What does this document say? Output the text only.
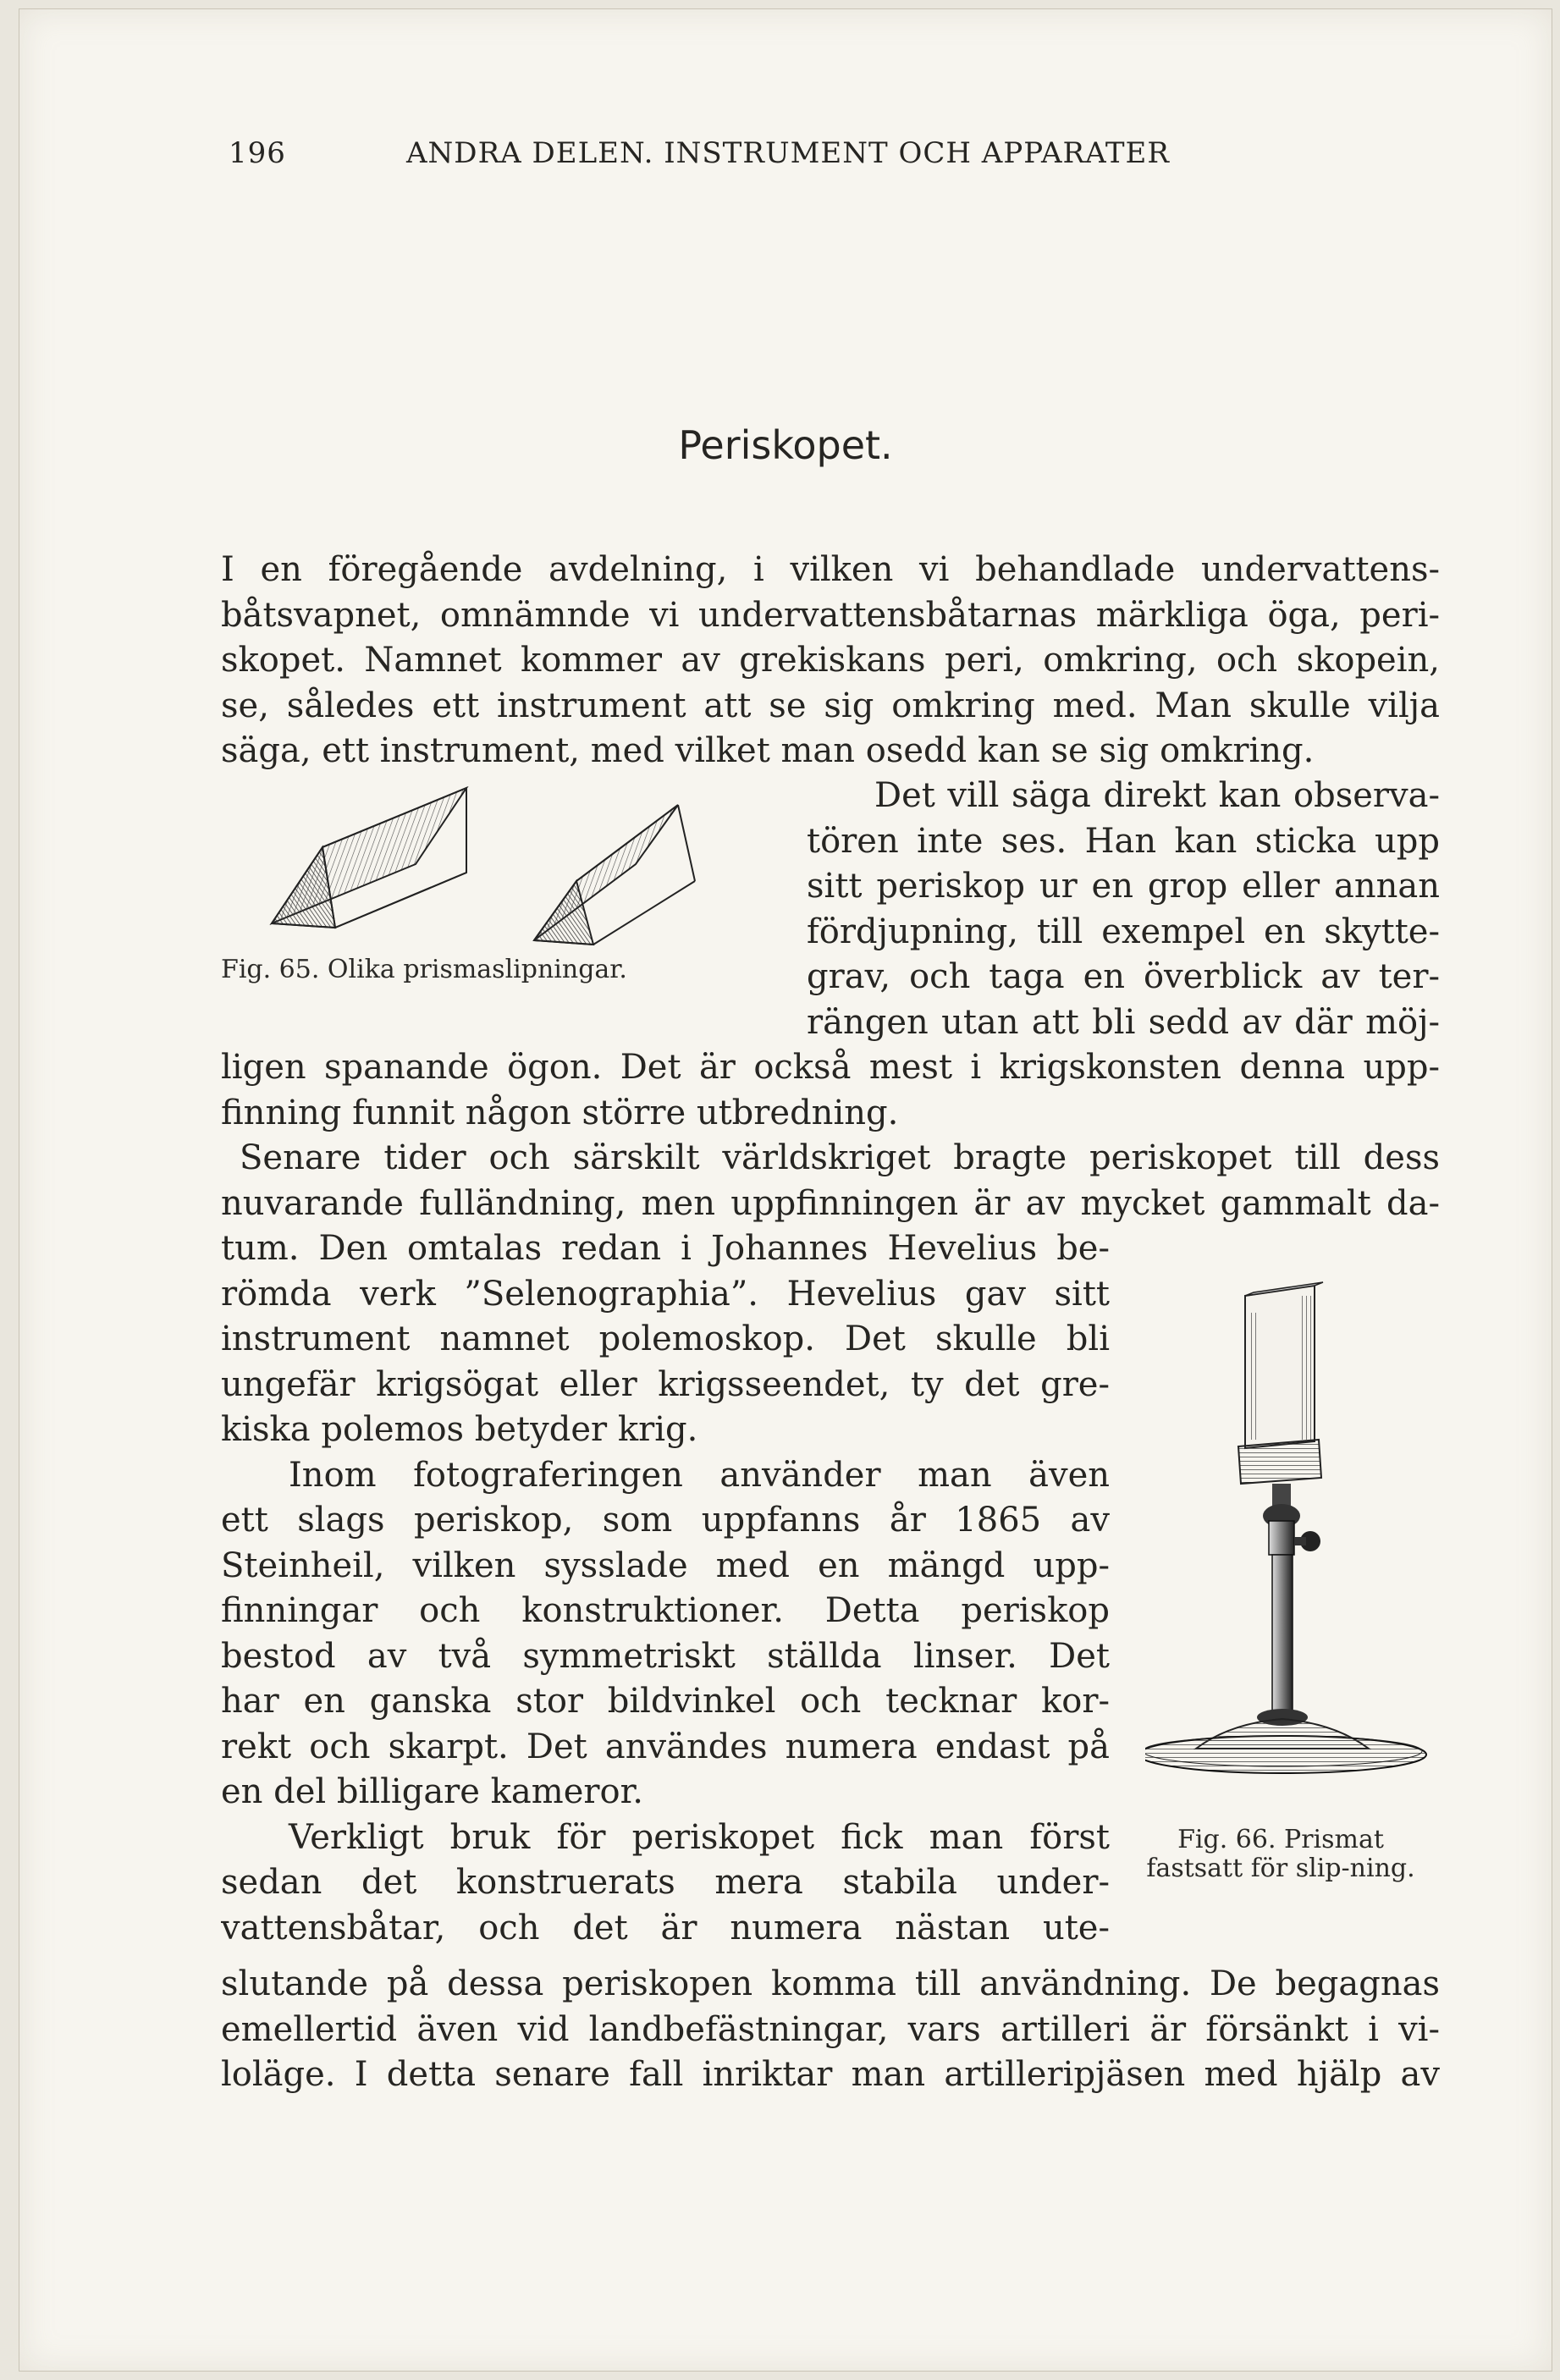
196	ANDRA DELEN. INSTRUMENT OCH APPARATER
Periskopet.
I en föregående avdelning, i vilken vi behandlade undervattens-
båtsvapnet, omnämnde vi undervattensbåtarnas märkliga öga, peri-
skopet. Namnet kommer av grekiskans peri, omkring, och skopein,
se, således ett instrument att se sig omkring med. Man skulle vilja
säga, ett instrument, med vilket man osedd kan se sig omkring.
Det vill säga direkt kan observa-
tören inte ses. Han kan sticka upp
sitt periskop ur en grop eller annan
fördjupning, till exempel en skytte-
grav, och taga en överblick av ter-
rängen utan att bli sedd av där möj-
ligen spanande ögon. Det är också mest i krigskonsten denna upp-
finning funnit någon större utbredning.
Senare tider och särskilt världskriget bragte periskopet till dess
nuvarande fulländning, men uppfinningen är av mycket gammalt da-
tum. Den omtalas redan i Johannes Hevelius be-
römda verk ”Selenographia”. Hevelius gav sitt
instrument namnet polemoskop. Det skulle bli
ungefär krigsögat eller krigsseendet, ty det gre-
kiska polemos betyder krig.
Inom fotograferingen använder man även
ett slags periskop, som uppfanns år 1865 av
Steinheil, vilken sysslade med en mängd upp-
finningar och konstruktioner. Detta periskop
bestod av två symmetriskt ställda linser. Det
har en ganska stor bildvinkel och tecknar kor-
rekt och skarpt. Det användes numera endast på
en del billigare kameror.
Verkligt bruk för periskopet fick man först
sedan det konstruerats mera stabila under-
vattensbåtar, och det är numera nästan ute-
slutande på dessa periskopen komma till användning. De begagnas
emellertid även vid landbefästningar, vars artilleri är försänkt i vi-
loläge. I detta senare fall inriktar man artilleripjäsen med hjälp av
Fig. 65. Olika prismaslipningar.
Fig. 66. Prismat fastsatt för slip-ning.
